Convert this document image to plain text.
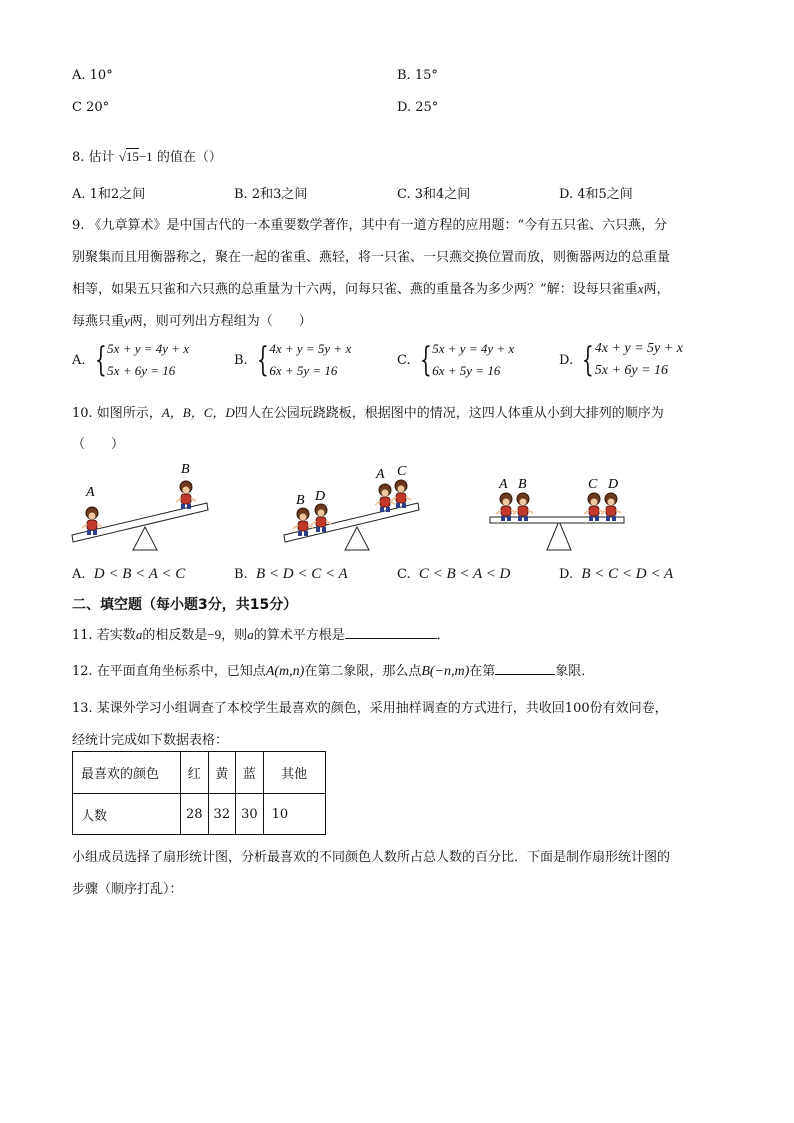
A. 10°	B. 15°
C 20°	D. 25°
8. 估计 √15−1 的值在（）
A. 1和2之间	B. 2和3之间	C. 3和4之间	D. 4和5之间
9. 《九章算术》是中国古代的一本重要数学著作，其中有一道方程的应用题：“今有五只雀、六只燕，分
别聚集而且用衡器称之，聚在一起的雀重、燕轻，将一只雀、一只燕交换位置而放，则衡器两边的总重量
相等，如果五只雀和六只燕的总重量为十六两，问每只雀、燕的重量各为多少两？”解：设每只雀重x两，
每燕只重y两，则可列出方程组为（　　）
A. { 5x + y = 4y + x
5x + 6y = 16
B. { 4x + y = 5y + x
6x + 5y = 16
C. { 5x + y = 4y + x
6x + 5y = 16
D. { 4x + y = 5y + x
5x + 6y = 16
10. 如图所示，A，B，C，D四人在公园玩跷跷板，根据图中的情况，这四人体重从小到大排列的顺序为
（　　）
A
B
B D
A C
A B	C D
A. D < B < A < C	B. B < D < C < A	C. C < B < A < D	D. B < C < D < A
二、填空题（每小题3分，共15分）
11. 若实数a的相反数是−9，则a的算术平方根是	．
12. 在平面直角坐标系中，已知点A(m,n)在第二象限，那么点B(−n,m)在第	象限．
13. 某课外学习小组调查了本校学生最喜欢的颜色，采用抽样调查的方式进行，共收回100份有效问卷，
经统计完成如下数据表格：
最喜欢的颜色	红	黄	蓝	其他
人数	28	32	30	10
小组成员选择了扇形统计图，分析最喜欢的不同颜色人数所占总人数的百分比．下面是制作扇形统计图的
步骤（顺序打乱）：
